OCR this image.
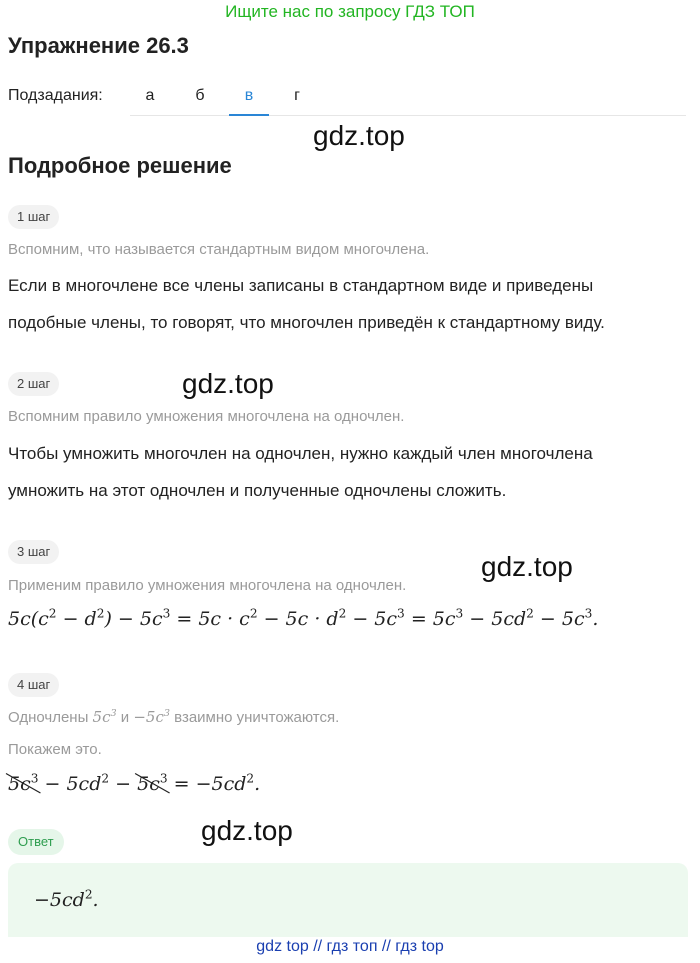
Ищите нас по запросу ГДЗ ТОП
Упражнение 26.3
Подзадания:	а	б	в	г
gdz.top
Подробное решение
1 шаг
Вспомним, что называется стандартным видом многочлена.
Если в многочлене все члены записаны в стандартном виде и приведены
подобные члены, то говорят, что многочлен приведён к стандартному виду.
2 шаг	gdz.top
Вспомним правило умножения многочлена на одночлен.
Чтобы умножить многочлен на одночлен, нужно каждый член многочлена
умножить на этот одночлен и полученные одночлены сложить.
3 шаг	gdz.top
Применим правило умножения многочлена на одночлен.
$5c(c^2 - d^2) - 5c^3 = 5c \cdot c^2 - 5c \cdot d^2 - 5c^3 = 5c^3 - 5cd^2 - 5c^3$.
4 шаг
Одночлены $5c^3$ $и -5c^3$ взаимно уничтожаются.
Покажем это.
$5c^3 - 5cd^2 - 5c^3 = -5cd^2$.
gdz.top
Ответ
$-5cd^2$.
gdz top // гдз топ // гдз top
